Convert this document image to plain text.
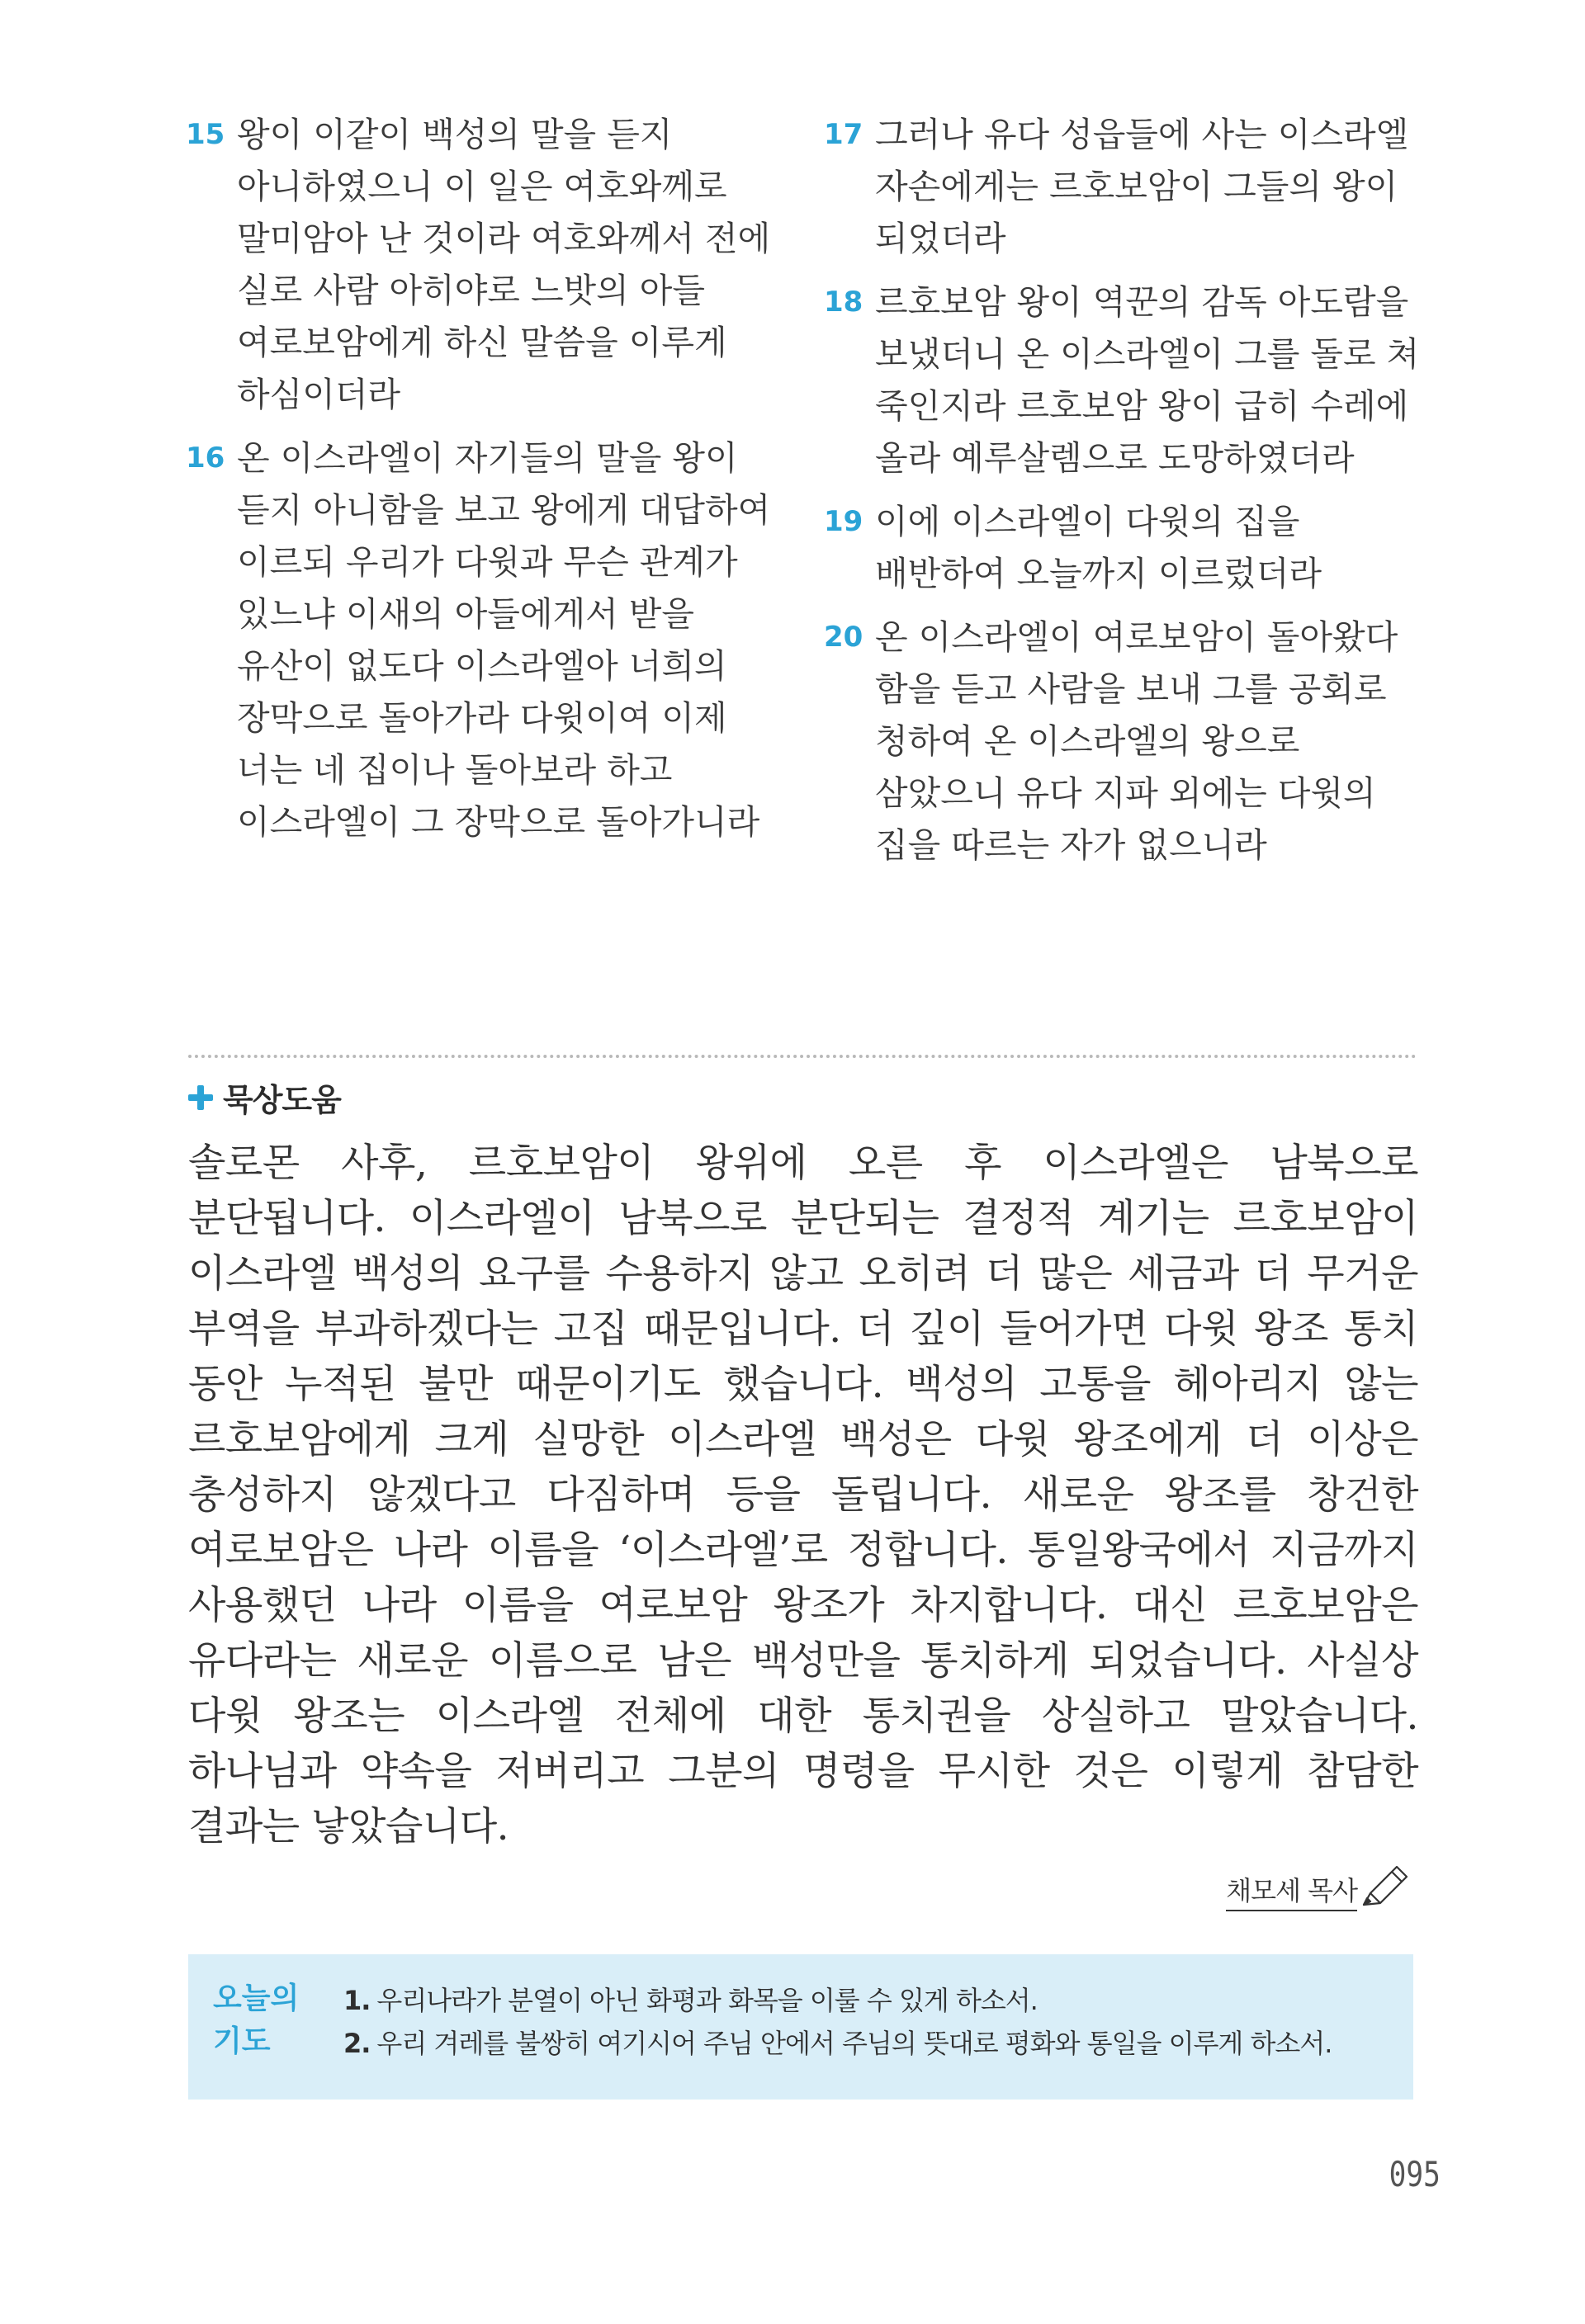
15 왕이 이같이 백성의 말을 듣지 아니하였으니 이 일은 여호와께로 말미암아 난 것이라 여호와께서 전에 실로 사람 아히야로 느밧의 아들 여로보암에게 하신 말씀을 이루게 하심이더라
16 온 이스라엘이 자기들의 말을 왕이 듣지 아니함을 보고 왕에게 대답하여 이르되 우리가 다윗과 무슨 관계가 있느냐 이새의 아들에게서 받을 유산이 없도다 이스라엘아 너희의 장막으로 돌아가라 다윗이여 이제 너는 네 집이나 돌아보라 하고 이스라엘이 그 장막으로 돌아가니라
17 그러나 유다 성읍들에 사는 이스라엘 자손에게는 르호보암이 그들의 왕이 되었더라
18 르호보암 왕이 역꾼의 감독 아도람을 보냈더니 온 이스라엘이 그를 돌로 쳐 죽인지라 르호보암 왕이 급히 수레에 올라 예루살렘으로 도망하였더라
19 이에 이스라엘이 다윗의 집을 배반하여 오늘까지 이르렀더라
20 온 이스라엘이 여로보암이 돌아왔다 함을 듣고 사람을 보내 그를 공회로 청하여 온 이스라엘의 왕으로 삼았으니 유다 지파 외에는 다윗의 집을 따르는 자가 없으니라
묵상도움
솔로몬 사후, 르호보암이 왕위에 오른 후 이스라엘은 남북으로 분단됩니다. 이스라엘이 남북으로 분단되는 결정적 계기는 르호보암이 이스라엘 백성의 요구를 수용하지 않고 오히려 더 많은 세금과 더 무거운 부역을 부과하겠다는 고집 때문입니다. 더 깊이 들어가면 다윗 왕조 통치 동안 누적된 불만 때문이기도 했습니다. 백성의 고통을 헤아리지 않는 르호보암에게 크게 실망한 이스라엘 백성은 다윗 왕조에게 더 이상은 충성하지 않겠다고 다짐하며 등을 돌립니다. 새로운 왕조를 창건한 여로보암은 나라 이름을 ‘이스라엘’로 정합니다. 통일왕국에서 지금까지 사용했던 나라 이름을 여로보암 왕조가 차지합니다. 대신 르호보암은 유다라는 새로운 이름으로 남은 백성만을 통치하게 되었습니다. 사실상 다윗 왕조는 이스라엘 전체에 대한 통치권을 상실하고 말았습니다. 하나님과 약속을 저버리고 그분의 명령을 무시한 것은 이렇게 참담한 결과는 낳았습니다.
채모세 목사
오늘의 기도
1. 우리나라가 분열이 아닌 화평과 화목을 이룰 수 있게 하소서.
2. 우리 겨레를 불쌍히 여기시어 주님 안에서 주님의 뜻대로 평화와 통일을 이루게 하소서.
095
